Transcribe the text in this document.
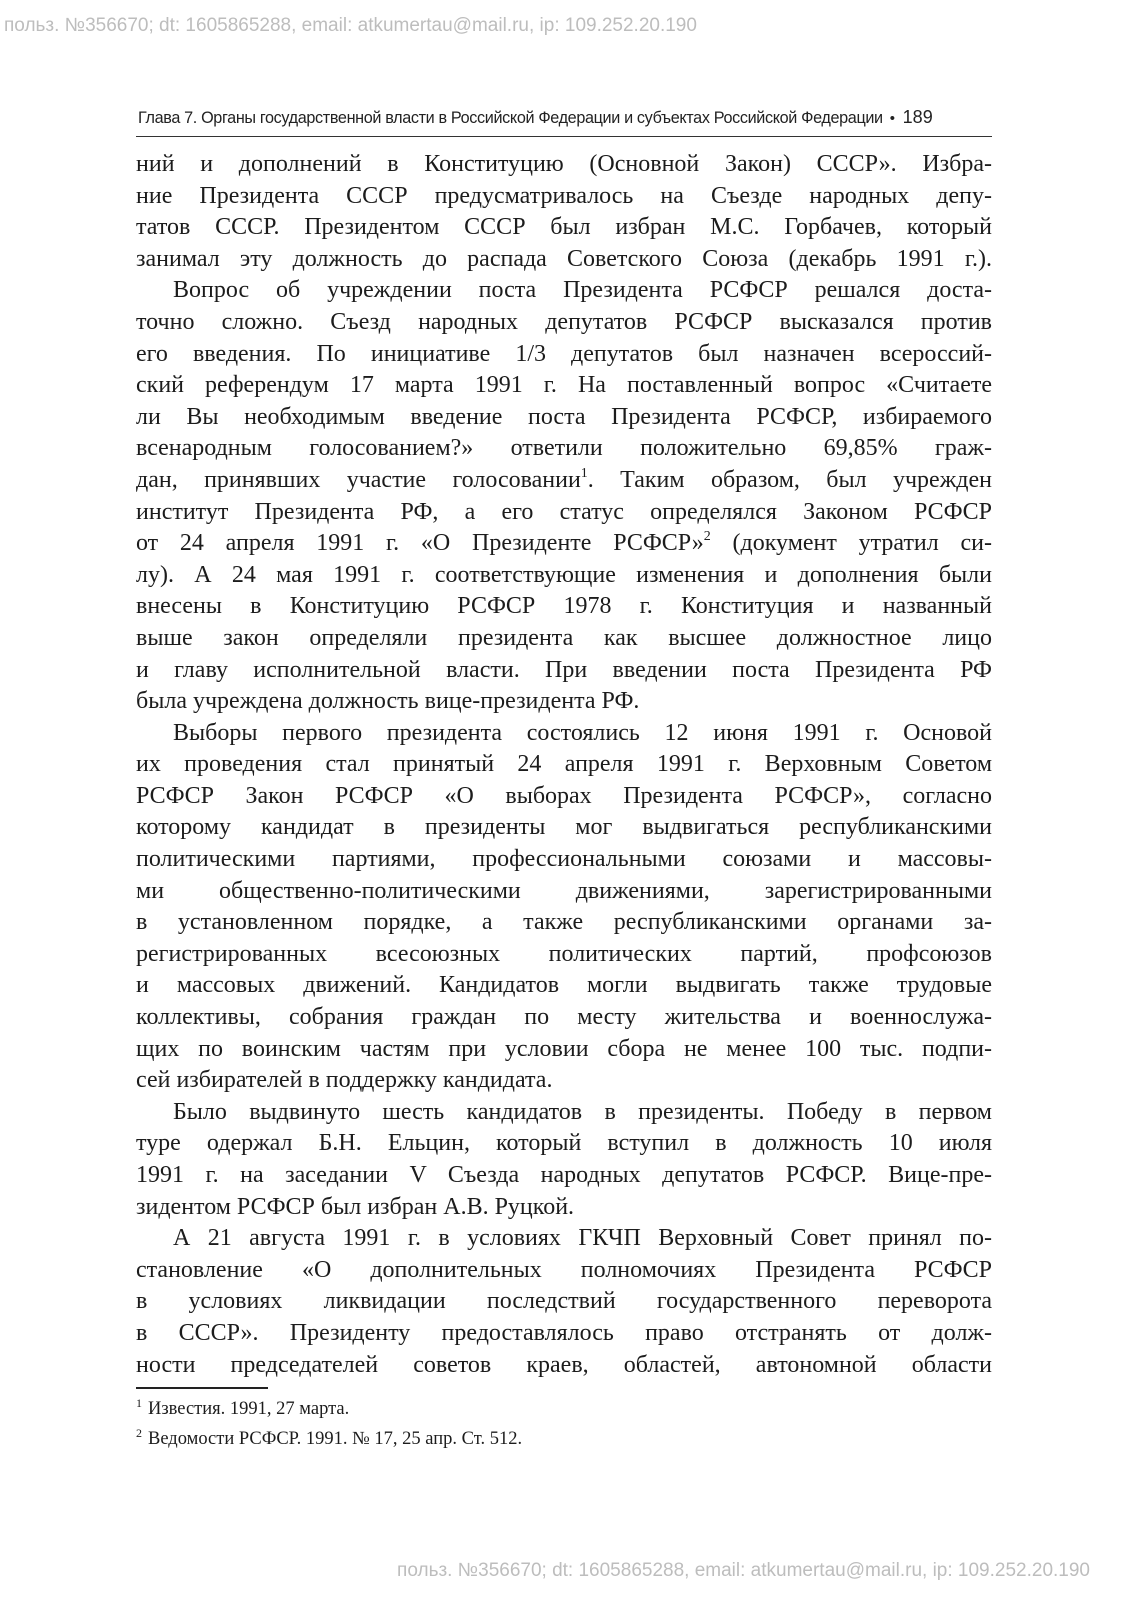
польз. №356670; dt: 1605865288, email: atkumertau@mail.ru, ip: 109.252.20.190
Глава 7. Органы государственной власти в Российской Федерации и субъектах Российской Федерации • 189
ний и дополнений в Конституцию (Основной Закон) СССР». Избра-
ние Президента СССР предусматривалось на Съезде народных депу-
татов СССР. Президентом СССР был избран М.С. Горбачев, который
занимал эту должность до распада Советского Союза (декабрь 1991 г.).
Вопрос об учреждении поста Президента РСФСР решался доста-
точно сложно. Съезд народных депутатов РСФСР высказался против
его введения. По инициативе 1/3 депутатов был назначен всероссий-
ский референдум 17 марта 1991 г. На поставленный вопрос «Считаете
ли Вы необходимым введение поста Президента РСФСР, избираемого
всенародным голосованием?» ответили положительно 69,85% граж-
дан, принявших участие голосовании$^1$. Таким образом, был учрежден
институт Президента РФ, а его статус определялся Законом РСФСР
от 24 апреля 1991 г. «О Президенте РСФСР»$^2$ (документ утратил си-
лу). А 24 мая 1991 г. соответствующие изменения и дополнения были
внесены в Конституцию РСФСР 1978 г. Конституция и названный
выше закон определяли президента как высшее должностное лицо
и главу исполнительной власти. При введении поста Президента РФ
была учреждена должность вице-президента РФ.
Выборы первого президента состоялись 12 июня 1991 г. Основой
их проведения стал принятый 24 апреля 1991 г. Верховным Советом
РСФСР Закон РСФСР «О выборах Президента РСФСР», согласно
которому кандидат в президенты мог выдвигаться республиканскими
политическими партиями, профессиональными союзами и массовы-
ми общественно-политическими движениями, зарегистрированными
в установленном порядке, а также республиканскими органами за-
регистрированных всесоюзных политических партий, профсоюзов
и массовых движений. Кандидатов могли выдвигать также трудовые
коллективы, собрания граждан по месту жительства и военнослужа-
щих по воинским частям при условии сбора не менее 100 тыс. подпи-
сей избирателей в поддержку кандидата.
Было выдвинуто шесть кандидатов в президенты. Победу в первом
туре одержал Б.Н. Ельцин, который вступил в должность 10 июля
1991 г. на заседании V Съезда народных депутатов РСФСР. Вице-пре-
зидентом РСФСР был избран А.В. Руцкой.
А 21 августа 1991 г. в условиях ГКЧП Верховный Совет принял по-
становление «О дополнительных полномочиях Президента РСФСР
в условиях ликвидации последствий государственного переворота
в СССР». Президенту предоставлялось право отстранять от долж-
ности председателей советов краев, областей, автономной области
$^1$ Известия. 1991, 27 марта.
$^2$ Ведомости РСФСР. 1991. № 17, 25 апр. Ст. 512.
польз. №356670; dt: 1605865288, email: atkumertau@mail.ru, ip: 109.252.20.190
